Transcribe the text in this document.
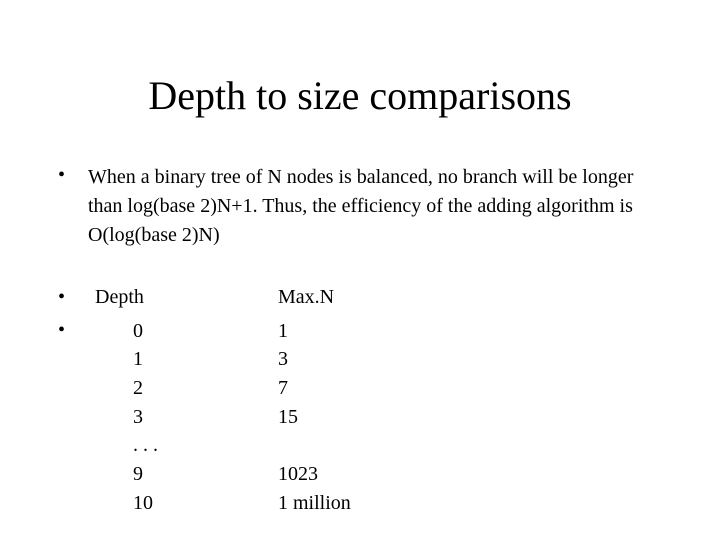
Depth to size comparisons
• When a binary tree of N nodes is balanced, no branch will be longer than log(base 2)N+1. Thus, the efficiency of the adding algorithm is O(log(base 2)N)
•
•
Depth	Max.N
0	1
1	3
2	7
3	15
. . .
9	1023
10	1 million
